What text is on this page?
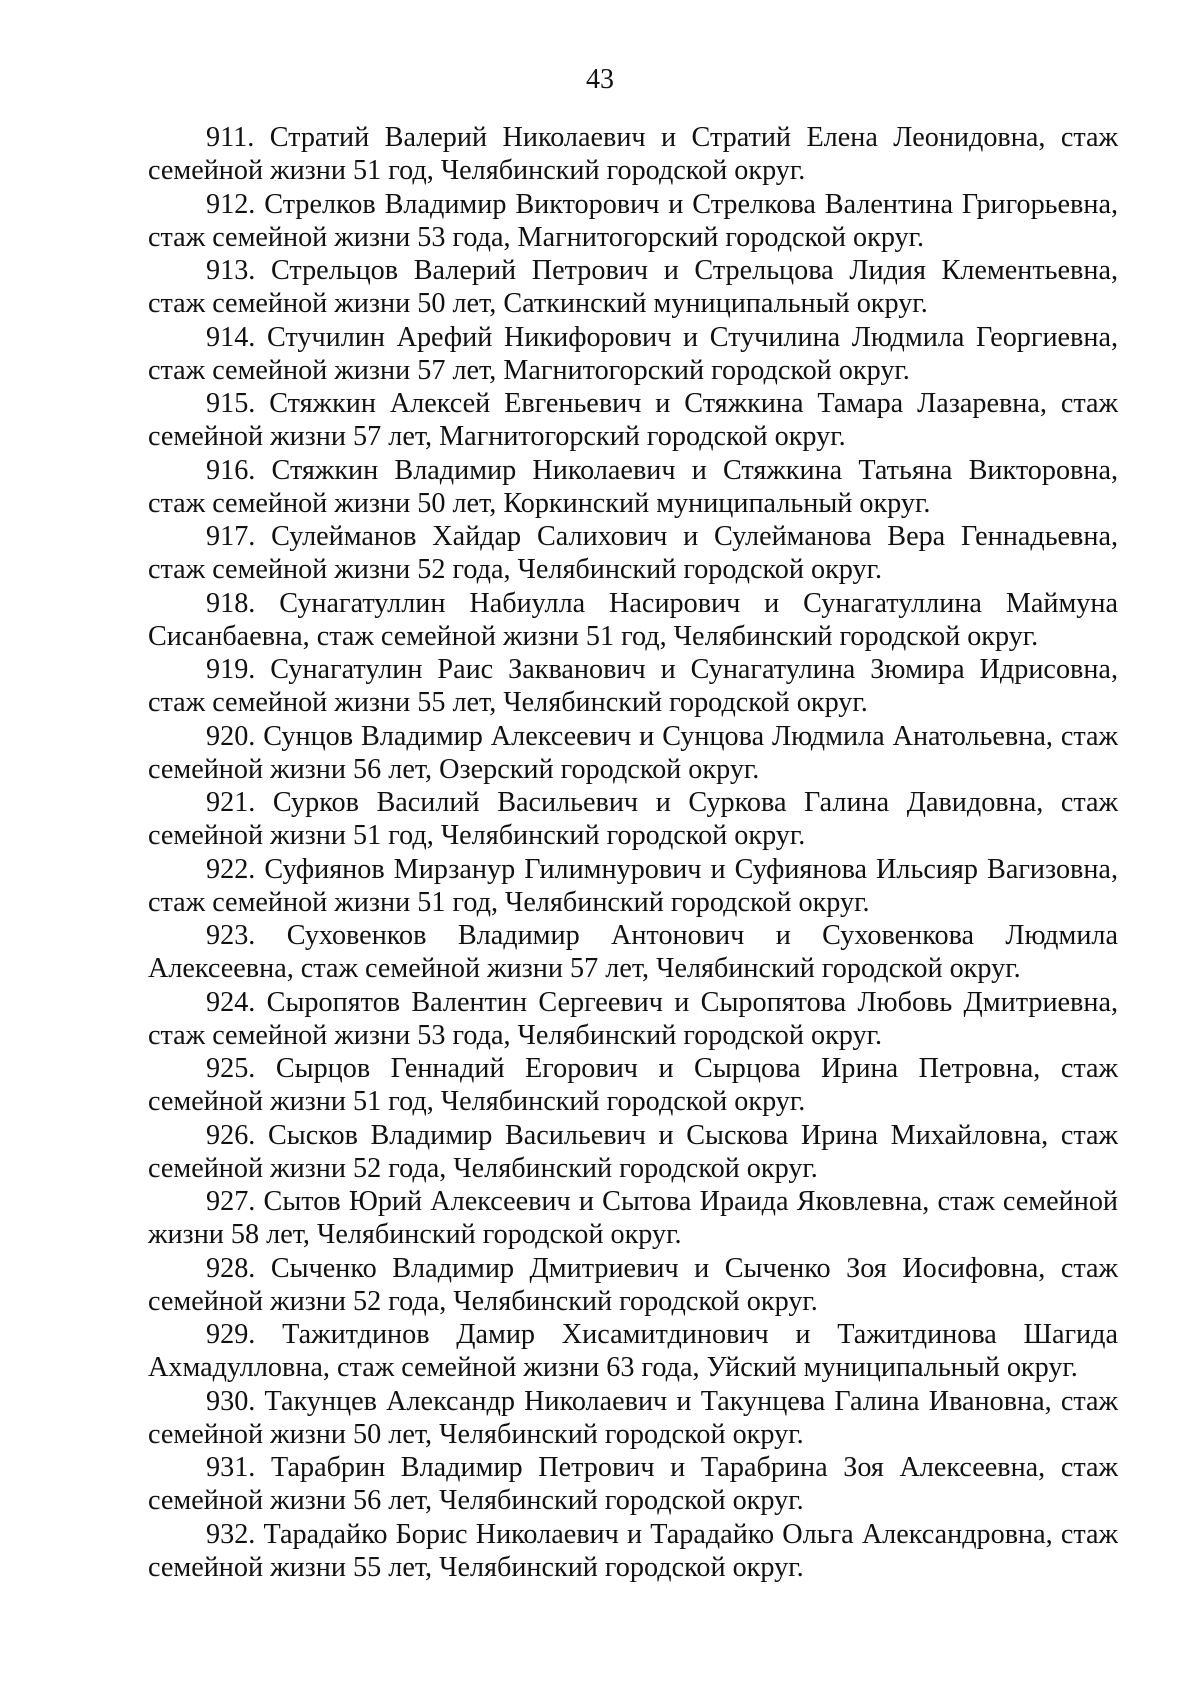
43

911. Стратий Валерий Николаевич и Стратий Елена Леонидовна, стаж семейной жизни 51 год, Челябинский городской округ.

912. Стрелков Владимир Викторович и Стрелкова Валентина Григорьевна, стаж семейной жизни 53 года, Магнитогорский городской округ.

913. Стрельцов Валерий Петрович и Стрельцова Лидия Клементьевна, стаж семейной жизни 50 лет, Саткинский муниципальный округ.

914. Стучилин Арефий Никифорович и Стучилина Людмила Георгиевна, стаж семейной жизни 57 лет, Магнитогорский городской округ.

915. Стяжкин Алексей Евгеньевич и Стяжкина Тамара Лазаревна, стаж семейной жизни 57 лет, Магнитогорский городской округ.

916. Стяжкин Владимир Николаевич и Стяжкина Татьяна Викторовна, стаж семейной жизни 50 лет, Коркинский муниципальный округ.

917. Сулейманов Хайдар Салихович и Сулейманова Вера Геннадьевна, стаж семейной жизни 52 года, Челябинский городской округ.

918. Сунагатуллин Набиулла Насирович и Сунагатуллина Маймуна Сисанбаевна, стаж семейной жизни 51 год, Челябинский городской округ.

919. Сунагатулин Раис Закванович и Сунагатулина Зюмира Идрисовна, стаж семейной жизни 55 лет, Челябинский городской округ.

920. Сунцов Владимир Алексеевич и Сунцова Людмила Анатольевна, стаж семейной жизни 56 лет, Озерский городской округ.

921. Сурков Василий Васильевич и Суркова Галина Давидовна, стаж семейной жизни 51 год, Челябинский городской округ.

922. Суфиянов Мирзанур Гилимнурович и Суфиянова Ильсияр Вагизовна, стаж семейной жизни 51 год, Челябинский городской округ.

923. Суховенков Владимир Антонович и Суховенкова Людмила Алексеевна, стаж семейной жизни 57 лет, Челябинский городской округ.

924. Сыропятов Валентин Сергеевич и Сыропятова Любовь Дмитриевна, стаж семейной жизни 53 года, Челябинский городской округ.

925. Сырцов Геннадий Егорович и Сырцова Ирина Петровна, стаж семейной жизни 51 год, Челябинский городской округ.

926. Сысков Владимир Васильевич и Сыскова Ирина Михайловна, стаж семейной жизни 52 года, Челябинский городской округ.

927. Сытов Юрий Алексеевич и Сытова Ираида Яковлевна, стаж семейной жизни 58 лет, Челябинский городской округ.

928. Сыченко Владимир Дмитриевич и Сыченко Зоя Иосифовна, стаж семейной жизни 52 года, Челябинский городской округ.

929. Тажитдинов Дамир Хисамитдинович и Тажитдинова Шагида Ахмадулловна, стаж семейной жизни 63 года, Уйский муниципальный округ.

930. Такунцев Александр Николаевич и Такунцева Галина Ивановна, стаж семейной жизни 50 лет, Челябинский городской округ.

931. Тарабрин Владимир Петрович и Тарабрина Зоя Алексеевна, стаж семейной жизни 56 лет, Челябинский городской округ.

932. Тарадайко Борис Николаевич и Тарадайко Ольга Александровна, стаж семейной жизни 55 лет, Челябинский городской округ.
